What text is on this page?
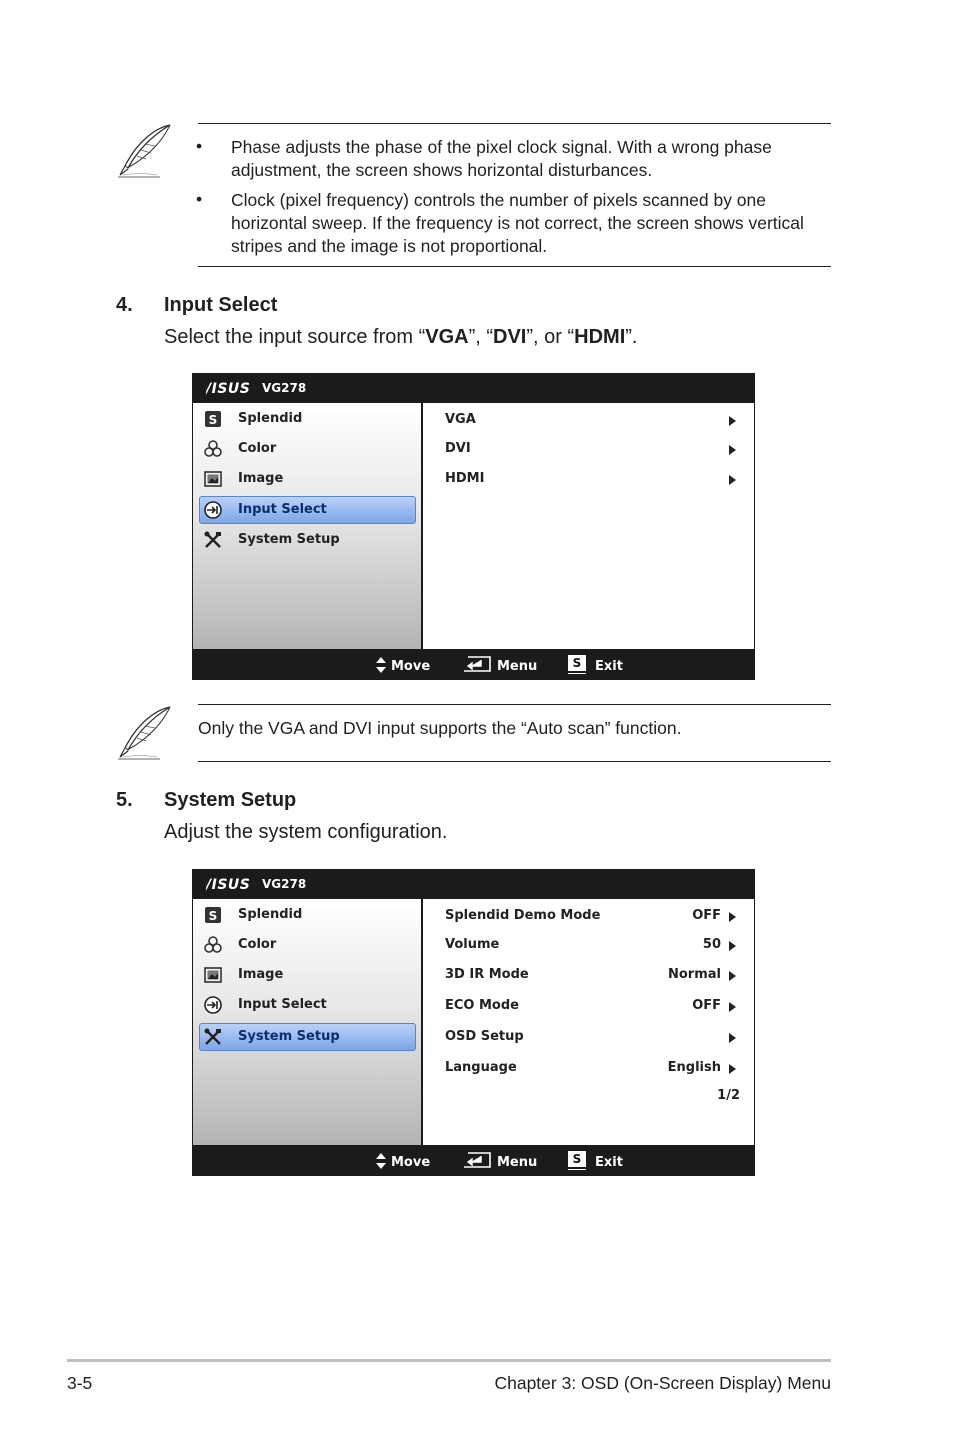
• Phase adjusts the phase of the pixel clock signal. With a wrong phase
adjustment, the screen shows horizontal disturbances.
• Clock (pixel frequency) controls the number of pixels scanned by one
horizontal sweep. If the frequency is not correct, the screen shows vertical
stripes and the image is not proportional.
4. Input Select
Select the input source from “VGA”, “DVI”, or “HDMI”.
/ISUS VG278
S Splendid
Color
Image
Input Select
System Setup
VGA
DVI
HDMI
Move	Menu	S	Exit
Only the VGA and DVI input supports the “Auto scan” function.
5. System Setup
Adjust the system configuration.
/ISUS VG278
S Splendid
Color
Image
Input Select
System Setup
Splendid Demo Mode	OFF
Volume	50
3D IR Mode	Normal
ECO Mode	OFF
OSD Setup
Language	English
1/2
Move	Menu	S	Exit
3-5	Chapter 3: OSD (On-Screen Display) Menu
